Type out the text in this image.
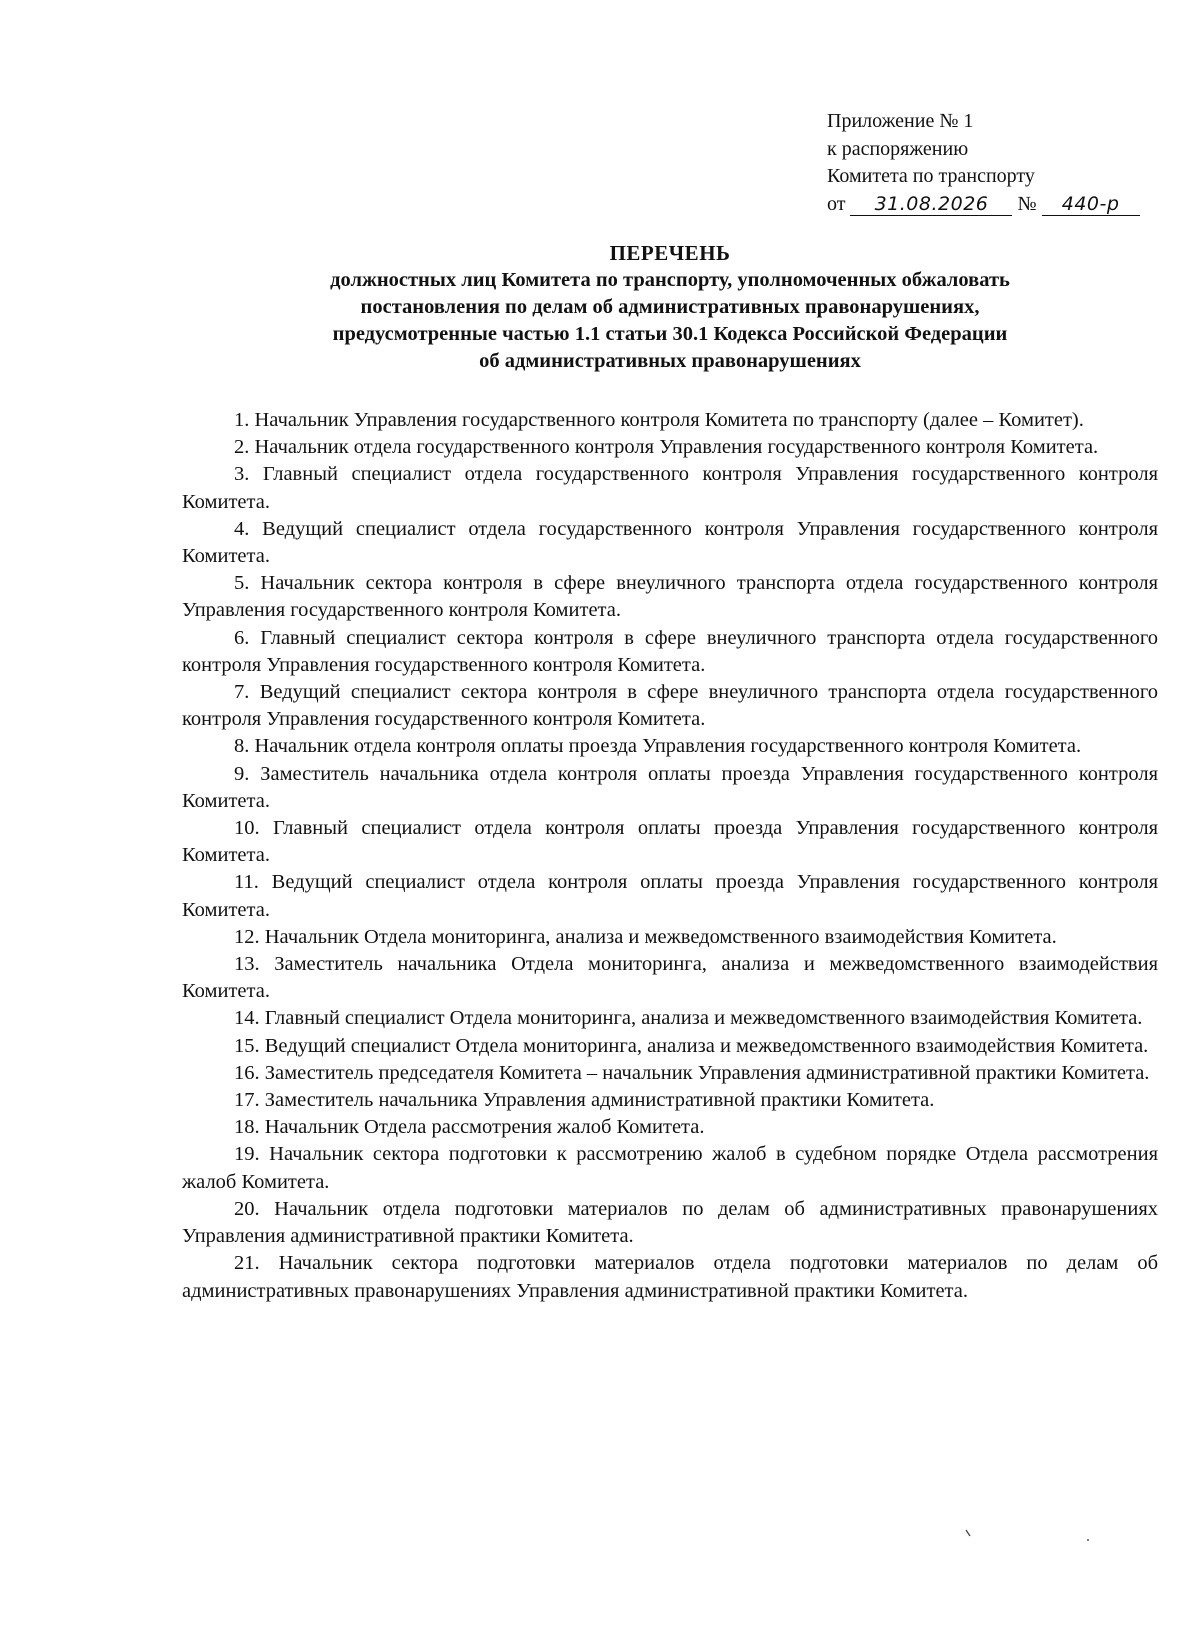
Приложение № 1
к распоряжению
Комитета по транспорту
от 31.08.2026 № 440-р
ПЕРЕЧЕНЬ
должностных лиц Комитета по транспорту, уполномоченных обжаловать
постановления по делам об административных правонарушениях,
предусмотренные частью 1.1 статьи 30.1 Кодекса Российской Федерации
об административных правонарушениях

1. Начальник Управления государственного контроля Комитета по транспорту (далее – Комитет).

2. Начальник отдела государственного контроля Управления государственного контроля Комитета.

3. Главный специалист отдела государственного контроля Управления государственного контроля Комитета.

4. Ведущий специалист отдела государственного контроля Управления государственного контроля Комитета.

5. Начальник сектора контроля в сфере внеуличного транспорта отдела государственного контроля Управления государственного контроля Комитета.

6. Главный специалист сектора контроля в сфере внеуличного транспорта отдела государственного контроля Управления государственного контроля Комитета.

7. Ведущий специалист сектора контроля в сфере внеуличного транспорта отдела государственного контроля Управления государственного контроля Комитета.

8. Начальник отдела контроля оплаты проезда Управления государственного контроля Комитета.

9. Заместитель начальника отдела контроля оплаты проезда Управления государственного контроля Комитета.

10. Главный специалист отдела контроля оплаты проезда Управления государственного контроля Комитета.

11. Ведущий специалист отдела контроля оплаты проезда Управления государственного контроля Комитета.

12. Начальник Отдела мониторинга, анализа и межведомственного взаимодействия Комитета.

13. Заместитель начальника Отдела мониторинга, анализа и межведомственного взаимодействия Комитета.

14. Главный специалист Отдела мониторинга, анализа и межведомственного взаимодействия Комитета.

15. Ведущий специалист Отдела мониторинга, анализа и межведомственного взаимодействия Комитета.

16. Заместитель председателя Комитета – начальник Управления административной практики Комитета.

17. Заместитель начальника Управления административной практики Комитета.

18. Начальник Отдела рассмотрения жалоб Комитета.

19. Начальник сектора подготовки к рассмотрению жалоб в судебном порядке Отдела рассмотрения жалоб Комитета.

20. Начальник отдела подготовки материалов по делам об административных правонарушениях Управления административной практики Комитета.

21. Начальник сектора подготовки материалов отдела подготовки материалов по делам об административных правонарушениях Управления административной практики Комитета.
